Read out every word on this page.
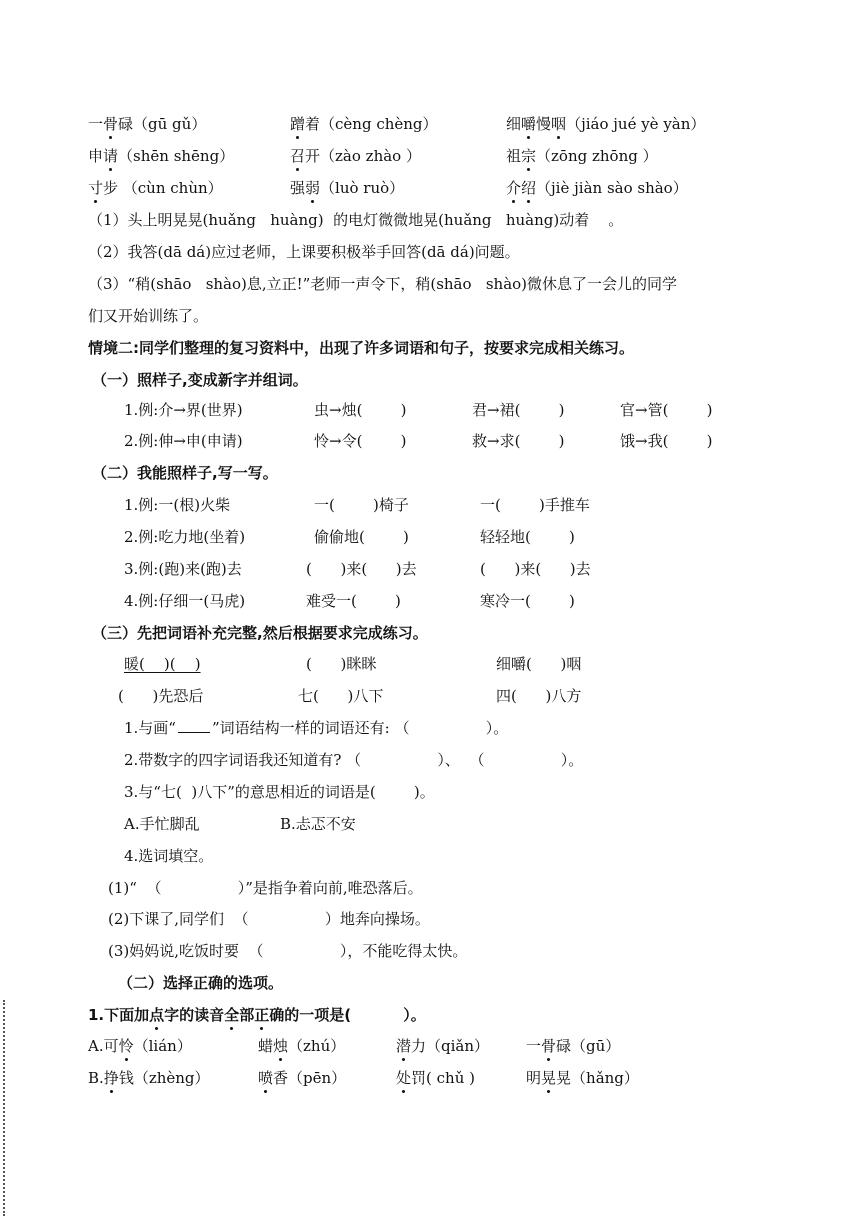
一骨碌（gū gǔ）	蹭着（cèng chèng）	细嚼慢咽（jiáo jué yè yàn）
申请（shēn shēng）	召开（zào zhào ）	祖宗（zōng zhōng ）
寸步 （cùn chùn）	强弱（luò ruò）	介绍（jiè jiàn sào shào）
（1）头上明晃晃(huǎng   huàng)  的电灯微微地晃(huǎng   huàng)动着    。
（2）我答(dā dá)应过老师，上课要积极举手回答(dā dá)问题。
（3）“稍(shāo   shào)息,立正!”老师一声令下，稍(shāo   shào)微休息了一会儿的同学
们又开始训练了。
情境二:同学们整理的复习资料中，出现了许多词语和句子，按要求完成相关练习。
（一）照样子,变成新字并组词。
1.例:介→界(世界)	虫→烛(        )	君→裙(        )	官→管(        )
2.例:伸→申(申请)	怜→令(        )	救→求(        )	饿→我(        )
（二）我能照样子,写一写。
1.例:一(根)火柴	一(        )椅子	一(        )手推车
2.例:吃力地(坐着)	偷偷地(        )	轻轻地(        )
3.例:(跑)来(跑)去	(      )来(      )去	(      )来(      )去
4.例:仔细一(马虎)	难受一(        )	寒冷一(        )
（三）先把词语补充完整,然后根据要求完成练习。
暖(    )(    )	(      )眯眯	细嚼(      )咽
(      )先恐后	七(      )八下	四(      )八方
1.与画“ ”词语结构一样的词语还有: （                ）。
2.带数字的四字词语我还知道有? （                ）、  （                ）。
3.与“七(  )八下”的意思相近的词语是(        )。
A.手忙脚乱	B.忐忑不安
4.选词填空。
(1)“  （                ）”是指争着向前,唯恐落后。
(2)下课了,同学们  （                ）地奔向操场。
(3)妈妈说,吃饭时要  （                ），不能吃得太快。
（二）选择正确的选项。
1.下面加点字的读音全部正确的一项是(          ）。
A.可怜（lián）	蜡烛（zhú）	潜力（qiǎn） 一骨碌（gū）
B.挣钱（zhèng）	喷香（pēn）	处罚( chǔ )	明晃晃（hǎng）
